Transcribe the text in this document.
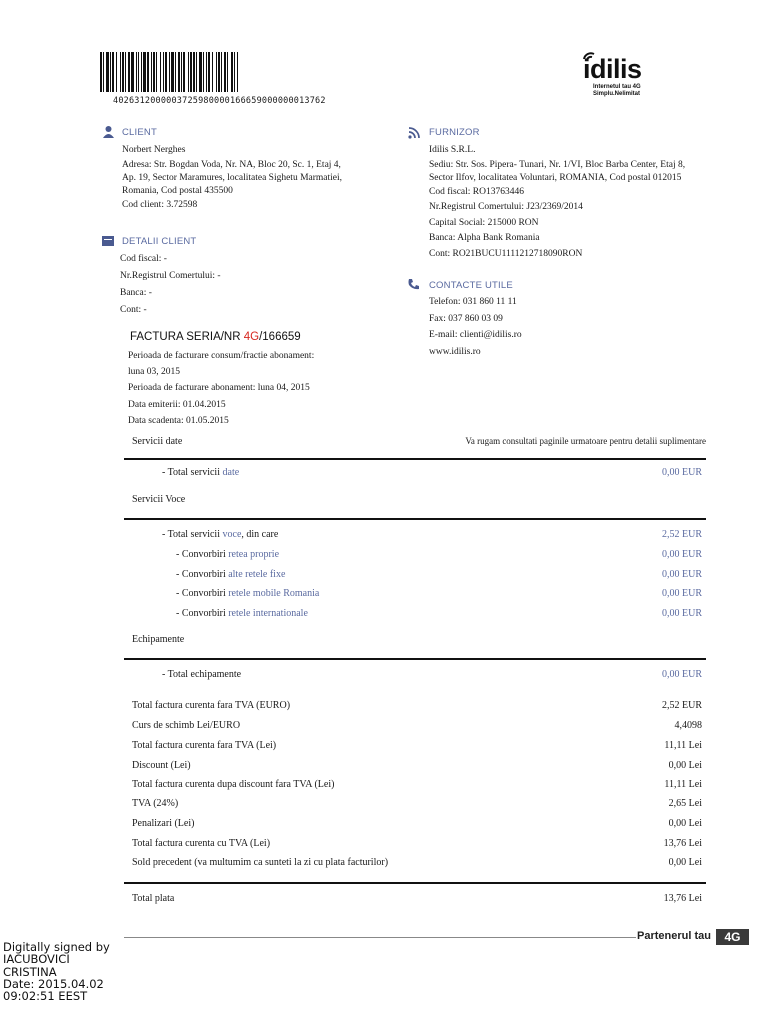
4026312000003725980000166659000000013762
idilis
Internetul tau 4G
Simplu.Nelimitat
CLIENT
Norbert Nerghes
Adresa: Str. Bogdan Voda, Nr. NA, Bloc 20, Sc. 1, Etaj 4,
Ap. 19, Sector Maramures, localitatea Sighetu Marmatiei,
Romania, Cod postal 435500
Cod client: 3.72598
DETALII CLIENT
Cod fiscal: -
Nr.Registrul Comertului: -
Banca: -
Cont: -
FURNIZOR
Idilis S.R.L.
Sediu: Str. Sos. Pipera- Tunari, Nr. 1/VI, Bloc Barba Center, Etaj 8,
Sector Ilfov, localitatea Voluntari, ROMANIA, Cod postal 012015
Cod fiscal: RO13763446
Nr.Registrul Comertului: J23/2369/2014
Capital Social: 215000 RON
Banca: Alpha Bank Romania
Cont: RO21BUCU1111212718090RON
CONTACTE UTILE
Telefon: 031 860 11 11
Fax: 037 860 03 09
E-mail: clienti@idilis.ro
www.idilis.ro
FACTURA SERIA/NR 4G/166659
Perioada de facturare consum/fractie abonament:
luna 03, 2015
Perioada de facturare abonament: luna 04, 2015
Data emiterii: 01.04.2015
Data scadenta: 01.05.2015
Servicii date	Va rugam consultati paginile urmatoare pentru detalii suplimentare
- Total servicii date	0,00 EUR
Servicii Voce
- Total servicii voce, din care	2,52 EUR
- Convorbiri retea proprie	0,00 EUR
- Convorbiri alte retele fixe	0,00 EUR
- Convorbiri retele mobile Romania	0,00 EUR
- Convorbiri retele internationale	0,00 EUR
Echipamente
- Total echipamente	0,00 EUR
Total factura curenta fara TVA (EURO)	2,52 EUR
Curs de schimb Lei/EURO	4,4098
Total factura curenta fara TVA (Lei)	11,11 Lei
Discount (Lei)	0,00 Lei
Total factura curenta dupa discount fara TVA (Lei)	11,11 Lei
TVA (24%)	2,65 Lei
Penalizari (Lei)	0,00 Lei
Total factura curenta cu TVA (Lei)	13,76 Lei
Sold precedent (va multumim ca sunteti la zi cu plata facturilor)	0,00 Lei
Total plata	13,76 Lei
Partenerul tau	4G
Digitally signed by
IACUBOVICI
CRISTINA
Date: 2015.04.02
09:02:51 EEST
